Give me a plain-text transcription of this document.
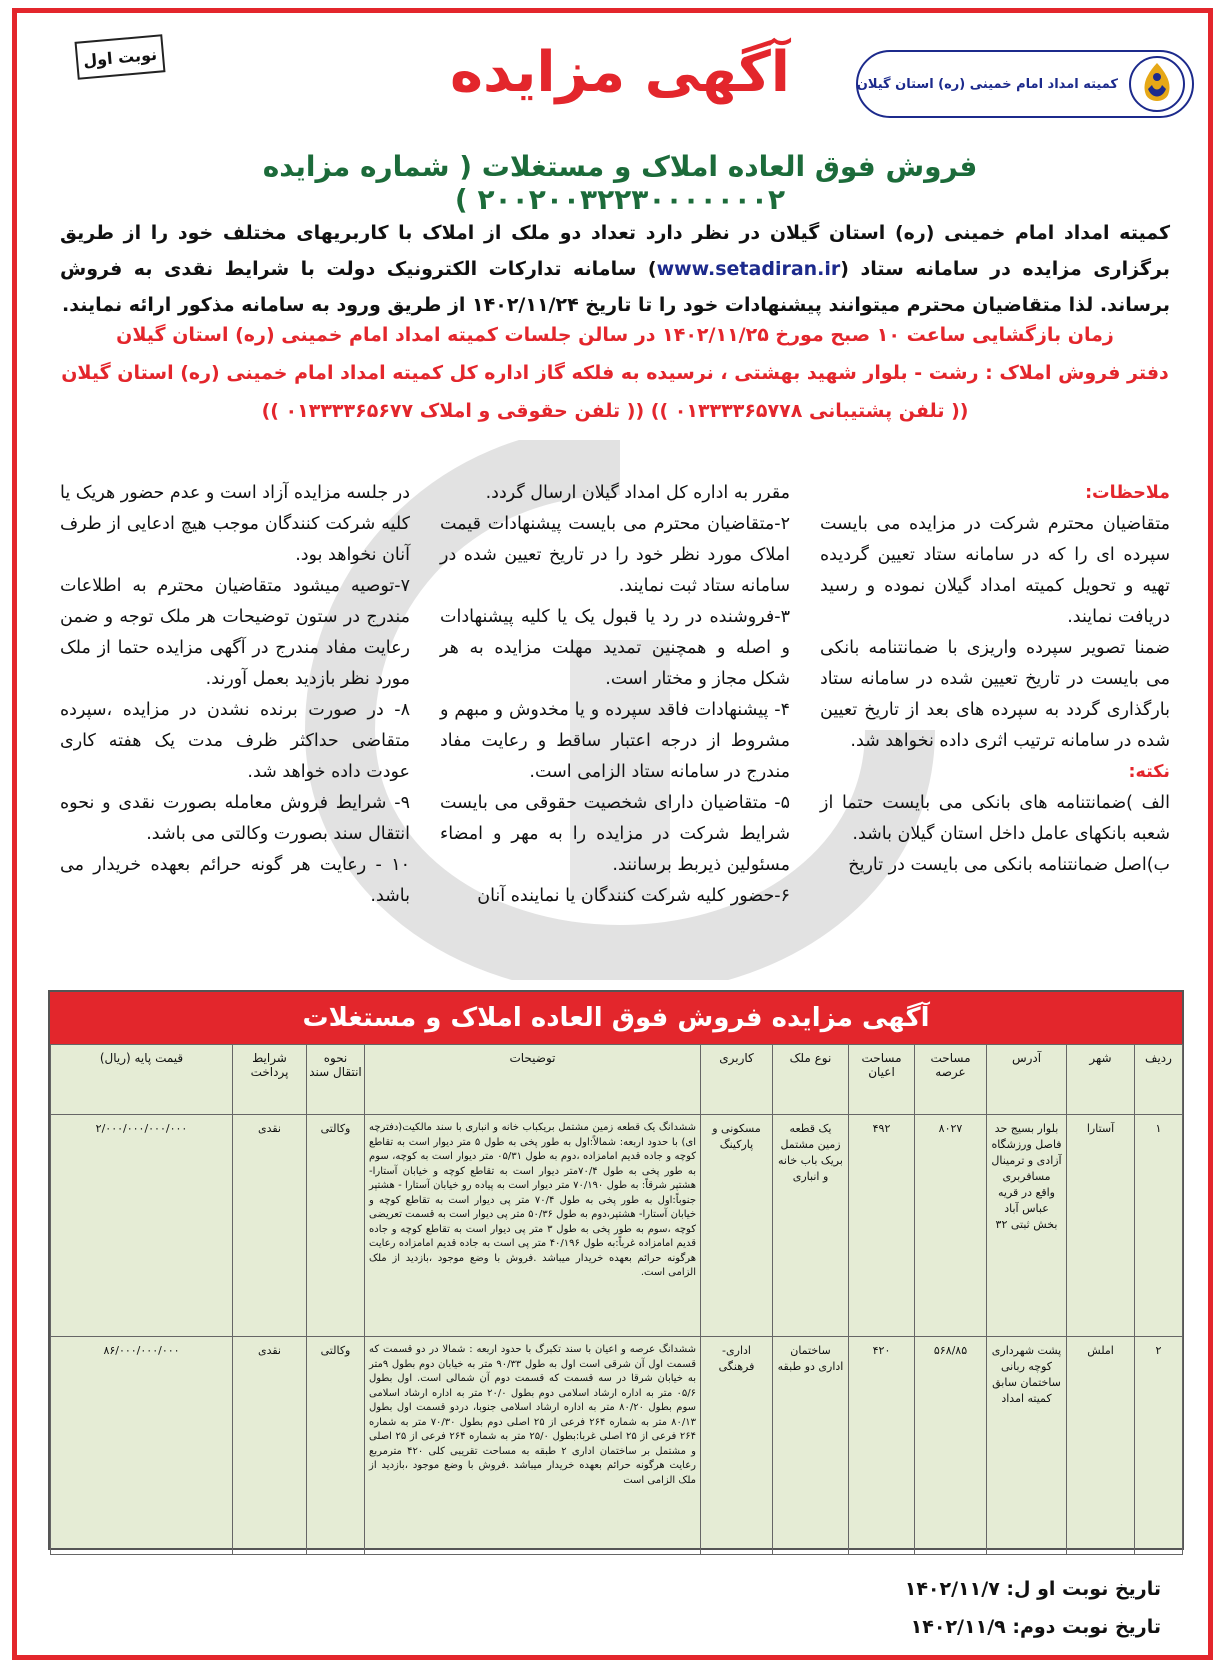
نوبت اول
کمیته امداد امام خمینی (ره) استان گیلان
آگهی مزایده
فروش فوق العاده املاک و مستغلات ( شماره مزایده ۲۰۰۲۰۰۳۲۲۳۰۰۰۰۰۰۰۲ )
کمیته امداد امام خمینی (ره) استان گیلان در نظر دارد تعداد دو ملک از املاک با کاربریهای مختلف خود را از طریق برگزاری مزایده در سامانه ستاد (www.setadiran.ir) سامانه تدارکات الکترونیک دولت با شرایط نقدی به فروش برساند. لذا متقاضیان محترم میتوانند پیشنهادات خود را تا تاریخ ۱۴۰۲/۱۱/۲۴ از طریق ورود به سامانه مذکور ارائه نمایند.
زمان بازگشایی ساعت ۱۰ صبح مورخ ۱۴۰۲/۱۱/۲۵ در سالن جلسات کمیته امداد امام خمینی (ره) استان گیلان
دفتر فروش املاک : رشت - بلوار شهید بهشتی ، نرسیده به فلکه گاز اداره کل کمیته امداد امام خمینی (ره) استان گیلان
(( تلفن پشتیبانی ۰۱۳۳۳۳۶۵۷۷۸ )) (( تلفن حقوقی و املاک ۰۱۳۳۳۳۶۵۶۷۷ ))

ملاحظات:

متقاضیان محترم شرکت در مزایده می بایست سپرده ای را که در سامانه ستاد تعیین گردیده تهیه و تحویل کمیته امداد گیلان نموده و رسید دریافت نمایند.

ضمنا تصویر سپرده واریزی با ضمانتنامه بانکی می بایست در تاریخ تعیین شده در سامانه ستاد بارگذاری گردد به سپرده های بعد از تاریخ تعیین شده در سامانه ترتیب اثری داده نخواهد شد.

نکته:

الف )ضمانتنامه های بانکی می بایست حتما از شعبه بانکهای عامل داخل استان گیلان باشد.

ب)اصل ضمانتنامه بانکی می بایست در تاریخ

مقرر به اداره کل امداد گیلان ارسال گردد.

۲-متقاضیان محترم می بایست پیشنهادات قیمت املاک مورد نظر خود را در تاریخ تعیین شده در سامانه ستاد ثبت نمایند.

۳-فروشنده در رد یا قبول یک یا کلیه پیشنهادات و اصله و همچنین تمدید مهلت مزایده به هر شکل مجاز و مختار است.

۴- پیشنهادات فاقد سپرده و یا مخدوش و مبهم و مشروط از درجه اعتبار ساقط و رعایت مفاد مندرج در سامانه ستاد الزامی است.

۵- متقاضیان دارای شخصیت حقوقی می بایست شرایط شرکت در مزایده را به مهر و امضاء مسئولین ذیربط برسانند.

۶-حضور کلیه شرکت کنندگان یا نماینده آنان

در جلسه مزایده آزاد است و عدم حضور هریک یا کلیه شرکت کنندگان موجب هیچ ادعایی از طرف آنان نخواهد بود.

۷-توصیه میشود متقاضیان محترم به اطلاعات مندرج در ستون توضیحات هر ملک توجه و ضمن رعایت مفاد مندرج در آگهی مزایده حتما از ملک مورد نظر بازدید بعمل آورند.

۸- در صورت برنده نشدن در مزایده ،سپرده متقاضی حداکثر ظرف مدت یک هفته کاری عودت داده خواهد شد.

۹- شرایط فروش معامله بصورت نقدی و نحوه انتقال سند بصورت وکالتی می باشد.

۱۰ - رعایت هر گونه حرائم بعهده خریدار می باشد.

آگهی مزایده فروش فوق العاده املاک و مستغلات
ردیف	شهر	آدرس	مساحت عرصه	مساحت اعیان	نوع ملک	کاربری	توضیحات	نحوه انتقال سند	شرایط پرداخت	قیمت پایه (ریال)
۱	آستارا	بلوار بسیج حد فاصل ورزشگاه آزادی و ترمینال مسافربری واقع در قریه عباس آباد بخش ثبتی ۳۲	۸۰۲۷	۴۹۲	یک قطعه زمین مشتمل بریک باب خانه و انباری	مسکونی و پارکینگ	ششدانگ یک قطعه زمین مشتمل بریکباب خانه و انباری با سند مالکیت(دفترچه ای) با حدود اربعه: شمالاً:اول به طور پخی به طول ۵ متر دیوار است به تقاطع کوچه و جاده قدیم امامزاده ،دوم به طول ۰۵/۳۱ متر دیوار است به کوچه، سوم به طور پخی به طول ۷۰/۴متر دیوار است به تقاطع کوچه و خیابان آستارا- هشتپر شرقاً: به طول ۷۰/۱۹۰ متر دیوار است به پیاده رو خیابان آستارا - هشتپر جنوباً:اول به طور پخی به طول ۷۰/۴ متر پی دیوار است به تقاطع کوچه و خیابان آستارا- هشتپر،دوم به طول ۵۰/۳۶ متر پی دیوار است به قسمت تعریضی کوچه ،سوم به طور پخی به طول ۳ متر پی دیوار است به تقاطع کوچه و جاده قدیم امامزاده غرباً:به طول ۴۰/۱۹۶ متر پی است به جاده قدیم امامزاده رعایت هرگونه حرائم بعهده خریدار میباشد .فروش با وضع موجود ،بازدید از ملک الزامی است.	وکالتی	نقدی	۲/۰۰۰/۰۰۰/۰۰۰/۰۰۰
۲	املش	پشت شهرداری کوچه ربانی ساختمان سابق کمیته امداد	۵۶۸/۸۵	۴۲۰	ساختمان اداری دو طبقه	اداری- فرهنگی	ششدانگ عرصه و اعیان با سند تکبرگ با حدود اربعه : شمالا در دو قسمت که قسمت اول آن شرقی است اول به طول ۹۰/۳۳ متر به خیابان دوم بطول ۹متر به خیابان شرقا در سه قسمت که قسمت دوم آن شمالی است. اول بطول ۰۵/۶ متر به اداره ارشاد اسلامی دوم بطول ۲۰/۰ متر به اداره ارشاد اسلامی سوم بطول ۸۰/۲۰ متر به اداره ارشاد اسلامی جنوبا، دردو قسمت اول بطول ۸۰/۱۳ متر به شماره ۲۶۴ فرعی از ۲۵ اصلی دوم بطول ۷۰/۳۰ متر به شماره ۲۶۴ فرعی از ۲۵ اصلی غربا:بطول ۲۵/۰ متر به شماره ۲۶۴ فرعی از ۲۵ اصلی و مشتمل بر ساختمان اداری ۲ طبقه به مساحت تقریبی کلی ۴۲۰ مترمربع رعایت هرگونه حرائم بعهده خریدار میباشد .فروش با وضع موجود ،بازدید از ملک الزامی است	وکالتی	نقدی	۸۶/۰۰۰/۰۰۰/۰۰۰
تاریخ نوبت او ل: ۱۴۰۲/۱۱/۷
تاریخ نوبت دوم: ۱۴۰۲/۱۱/۹
